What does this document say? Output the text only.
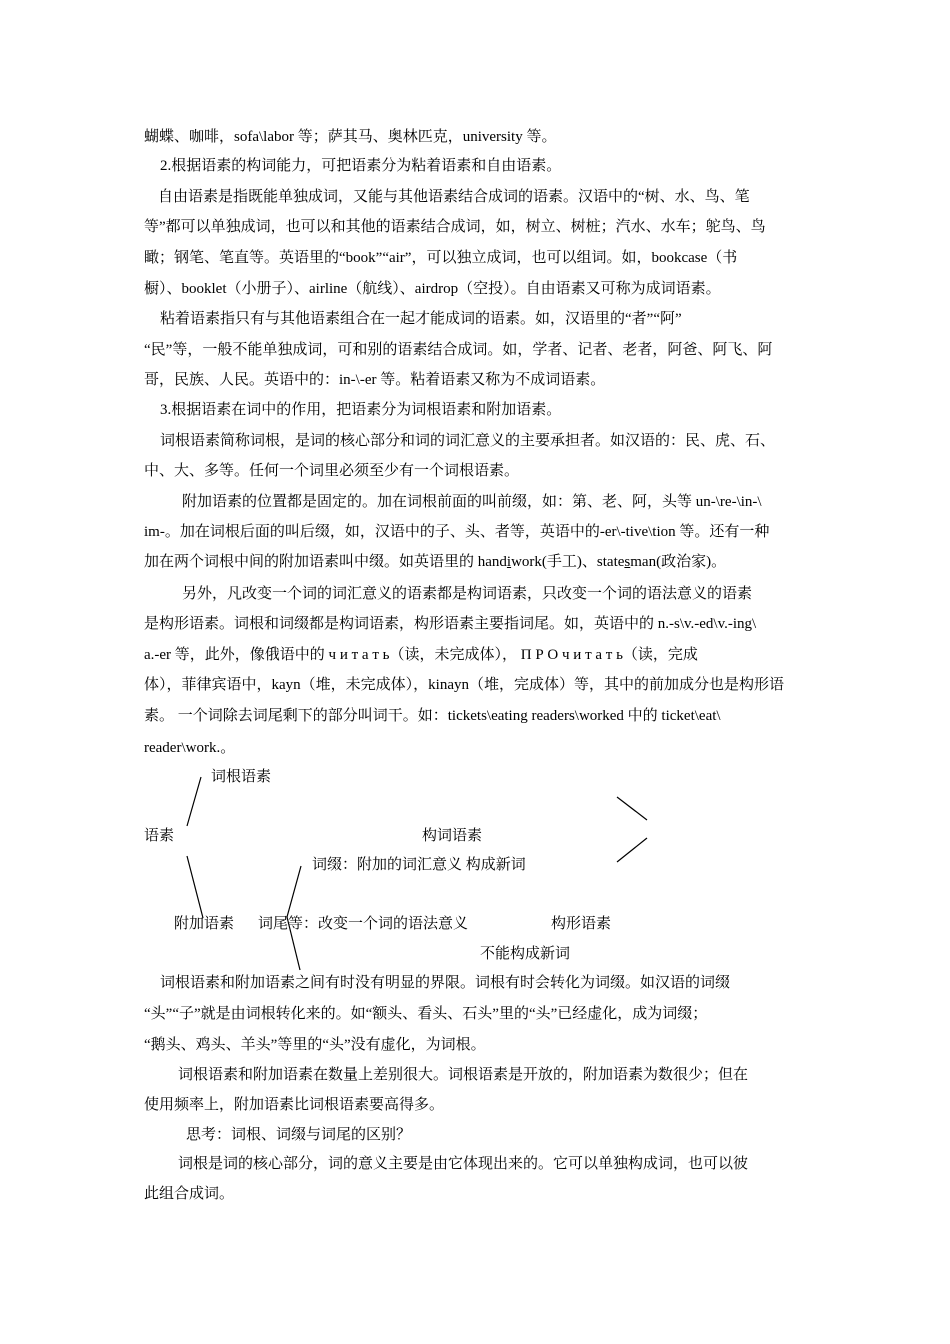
蝴蝶、咖啡，sofa\labor 等；萨其马、奥林匹克，university 等。
2.根据语素的构词能力，可把语素分为粘着语素和自由语素。
自由语素是指既能单独成词，又能与其他语素结合成词的语素。汉语中的“树、水、鸟、笔
等”都可以单独成词，也可以和其他的语素结合成词，如，树立、树桩；汽水、水车；鸵鸟、鸟
瞰；钢笔、笔直等。英语里的“book”“air”，可以独立成词，也可以组词。如，bookcase（书
橱）、booklet（小册子）、airline（航线）、airdrop（空投）。自由语素又可称为成词语素。
粘着语素指只有与其他语素组合在一起才能成词的语素。如，汉语里的“者”“阿”
“民”等，一般不能单独成词，可和别的语素结合成词。如，学者、记者、老者，阿爸、阿飞、阿
哥，民族、人民。英语中的：in-\-er 等。粘着语素又称为不成词语素。
3.根据语素在词中的作用，把语素分为词根语素和附加语素。
词根语素简称词根，是词的核心部分和词的词汇意义的主要承担者。如汉语的：民、虎、石、
中、大、多等。任何一个词里必须至少有一个词根语素。
附加语素的位置都是固定的。加在词根前面的叫前缀，如：第、老、阿，头等 un-\re-\in-\
im-。加在词根后面的叫后缀，如，汉语中的子、头、者等，英语中的-er\-tive\tion 等。还有一种
加在两个词根中间的附加语素叫中缀。如英语里的 handiwork(手工)、statesman(政治家)。
另外，凡改变一个词的词汇意义的语素都是构词语素，只改变一个词的语法意义的语素
是构形语素。词根和词缀都是构词语素，构形语素主要指词尾。如，英语中的 n.-s\v.-ed\v.-ing\
a.-er 等，此外，像俄语中的 ч и т а т ь（读，未完成体）， П Р О ч и т а т ь（读，完成
体），菲律宾语中，kayn（堆，未完成体），kinayn（堆，完成体）等，其中的前加成分也是构形语
素。 一个词除去词尾剩下的部分叫词干。如：tickets\eating readers\worked 中的 ticket\eat\
reader\work.。
词根语素
语素	构词语素
词缀：附加的词汇意义 构成新词
附加语素 词尾等：改变一个词的语法意义	构形语素
不能构成新词
词根语素和附加语素之间有时没有明显的界限。词根有时会转化为词缀。如汉语的词缀
“头”“子”就是由词根转化来的。如“额头、看头、石头”里的“头”已经虚化，成为词缀；
“鹅头、鸡头、羊头”等里的“头”没有虚化，为词根。
词根语素和附加语素在数量上差别很大。词根语素是开放的，附加语素为数很少；但在
使用频率上，附加语素比词根语素要高得多。
思考：词根、词缀与词尾的区别？
词根是词的核心部分，词的意义主要是由它体现出来的。它可以单独构成词，也可以彼
此组合成词。
